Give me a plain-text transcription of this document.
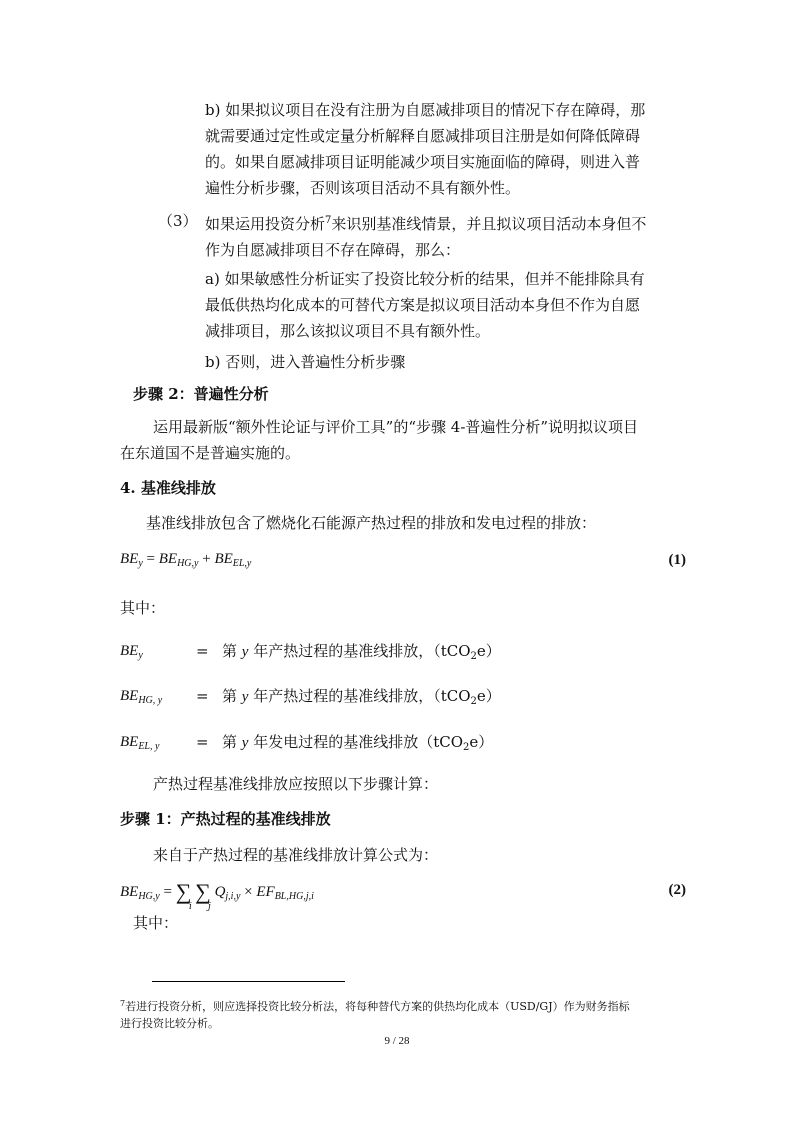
b) 如果拟议项目在没有注册为自愿减排项目的情况下存在障碍，那
就需要通过定性或定量分析解释自愿减排项目注册是如何降低障碍
的。如果自愿减排项目证明能减少项目实施面临的障碍，则进入普
遍性分析步骤，否则该项目活动不具有额外性。
（3） 如果运用投资分析$^7$来识别基准线情景，并且拟议项目活动本身但不
作为自愿减排项目不存在障碍，那么：
a) 如果敏感性分析证实了投资比较分析的结果，但并不能排除具有
最低供热均化成本的可替代方案是拟议项目活动本身但不作为自愿
减排项目，那么该拟议项目不具有额外性。
b) 否则，进入普遍性分析步骤
步骤 2：普遍性分析
运用最新版“额外性论证与评价工具”的“步骤 4-普遍性分析”说明拟议项目
在东道国不是普遍实施的。
4. 基准线排放
基准线排放包含了燃烧化石能源产热过程的排放和发电过程的排放：
$BE_y = BE_{HG,y} + BE_{EL,y}$	(1)
其中：
$BE_y$	= 第 y 年产热过程的基准线排放，（tCO$_2$e）
$BE_{HG, y}$ = 第 y 年产热过程的基准线排放，（tCO$_2$e）
$BE_{EL, y}$ = 第 y 年发电过程的基准线排放（tCO$_2$e）
产热过程基准线排放应按照以下步骤计算：
步骤 1：产热过程的基准线排放
来自于产热过程的基准线排放计算公式为：
$BE_{HG,y}$ = ∑ ∑ $Q_{j,i,y} \times EF_{BL,HG,j,i}$
i j
(2)
其中：
$^7$若进行投资分析，则应选择投资比较分析法，将每种替代方案的供热均化成本（USD/GJ）作为财务指标
进行投资比较分析。
9 / 28
